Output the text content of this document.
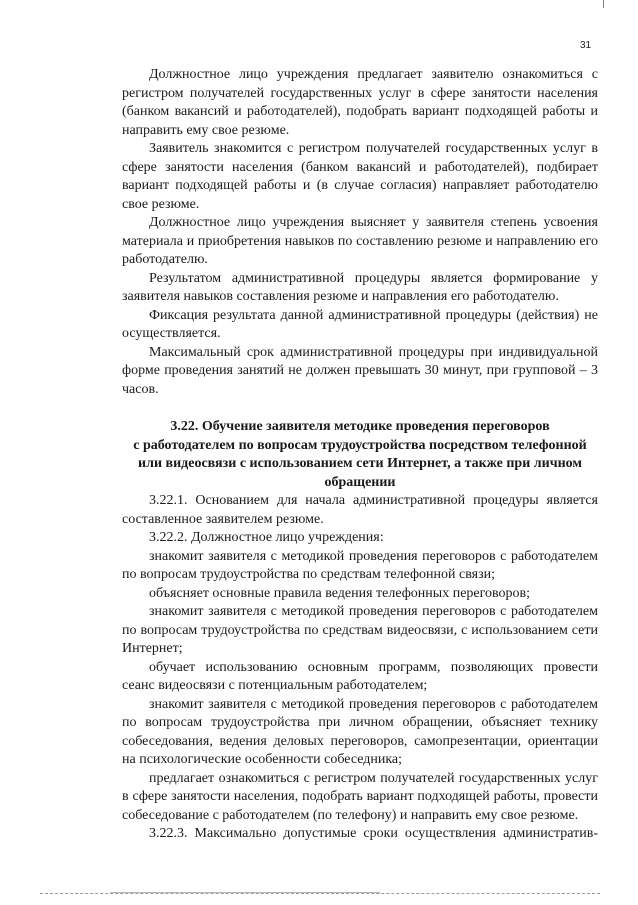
31

Должностное лицо учреждения предлагает заявителю ознакомиться с регистром получателей государственных услуг в сфере занятости населения (банком вакансий и работодателей), подобрать вариант подходящей работы и направить ему свое резюме.

Заявитель знакомится с регистром получателей государственных услуг в сфере занятости населения (банком вакансий и работодателей), подбирает вариант подходящей работы и (в случае согласия) направляет работодателю свое резюме.

Должностное лицо учреждения выясняет у заявителя степень усвоения материала и приобретения навыков по составлению резюме и направлению его работодателю.

Результатом административной процедуры является формирование у заявителя навыков составления резюме и направления его работодателю.

Фиксация результата данной административной процедуры (действия) не осуществляется.

Максимальный срок административной процедуры при индивидуальной форме проведения занятий не должен превышать 30 минут, при групповой – 3 часов.

3.22. Обучение заявителя методике проведения переговоров
с работодателем по вопросам трудоустройства посредством телефонной
или видеосвязи с использованием сети Интернет, а также при личном
обращении

3.22.1. Основанием для начала административной процедуры является составленное заявителем резюме.

3.22.2. Должностное лицо учреждения:

знакомит заявителя с методикой проведения переговоров с работодателем по вопросам трудоустройства по средствам телефонной связи;

объясняет основные правила ведения телефонных переговоров;

знакомит заявителя с методикой проведения переговоров с работодателем по вопросам трудоустройства по средствам видеосвязи, с использованием сети Интернет;

обучает использованию основным программ, позволяющих провести сеанс видеосвязи с потенциальным работодателем;

знакомит заявителя с методикой проведения переговоров с работодателем по вопросам трудоустройства при личном обращении, объясняет технику собеседования, ведения деловых переговоров, самопрезентации, ориентации на психологические особенности собеседника;

предлагает ознакомиться с регистром получателей государственных услуг в сфере занятости населения, подобрать вариант подходящей работы, провести собеседование с работодателем (по телефону) и направить ему свое резюме.

3.22.3. Максимально допустимые сроки осуществления административ-
